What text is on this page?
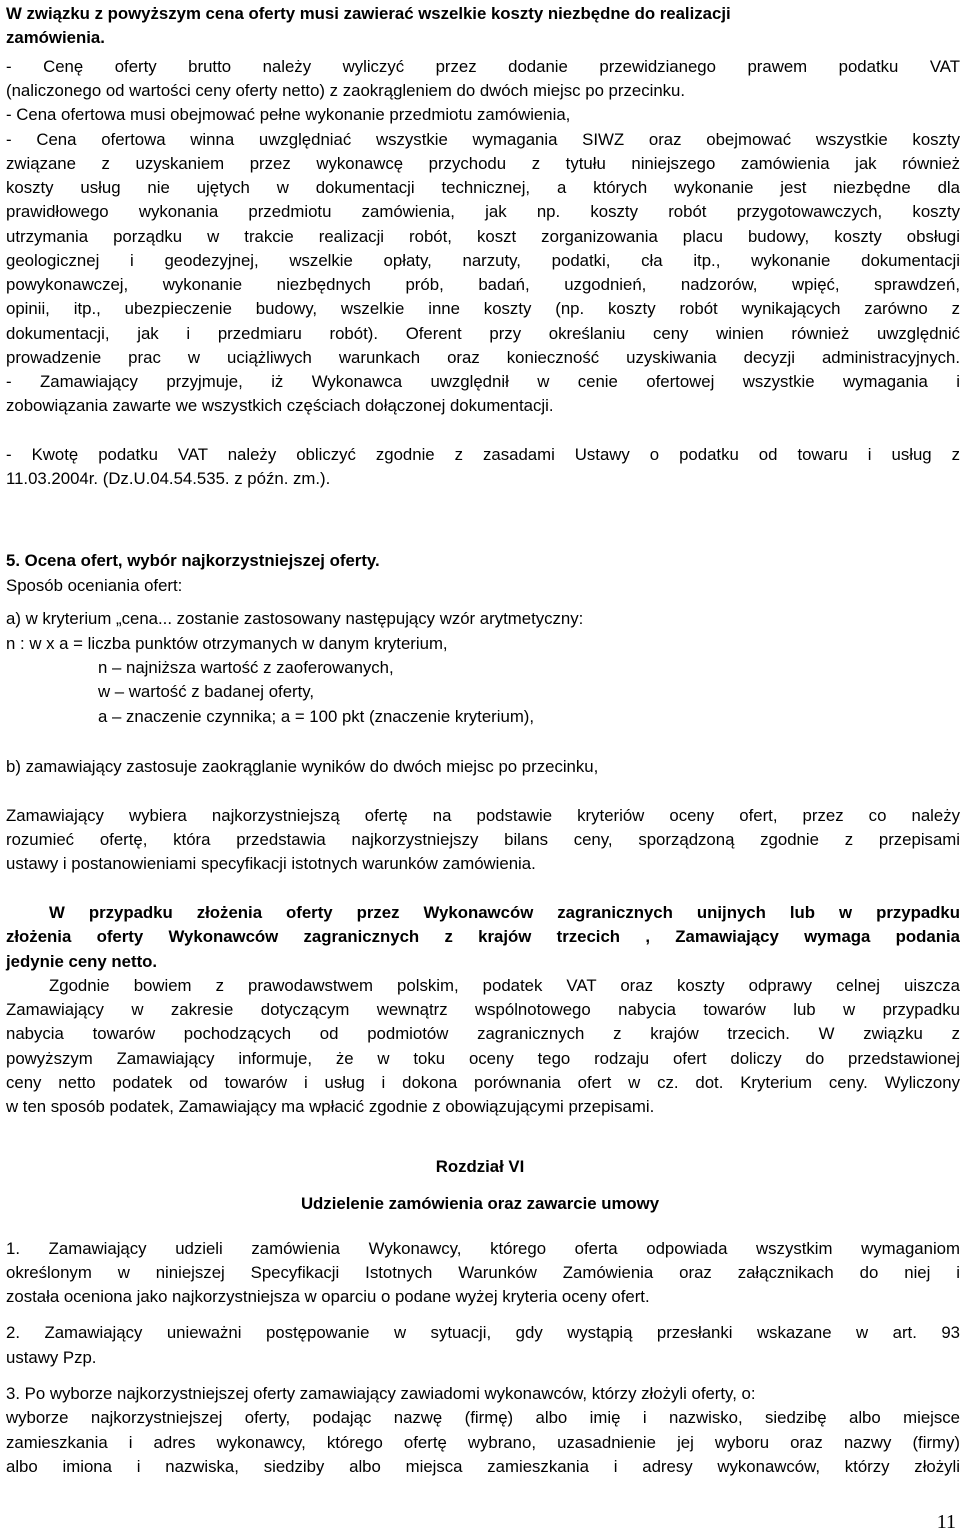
W związku z powyższym cena oferty musi zawierać wszelkie koszty niezbędne do realizacji
zamówienia.
- Cenę oferty brutto należy wyliczyć przez dodanie przewidzianego prawem podatku VAT
(naliczonego od wartości ceny oferty netto) z zaokrągleniem do dwóch miejsc po przecinku.
- Cena ofertowa musi obejmować pełne wykonanie przedmiotu zamówienia,
- Cena ofertowa winna uwzględniać wszystkie wymagania SIWZ oraz obejmować wszystkie koszty
związane z uzyskaniem przez wykonawcę przychodu z tytułu niniejszego zamówienia jak również
koszty usług nie ujętych w dokumentacji technicznej, a których wykonanie jest niezbędne dla
prawidłowego wykonania przedmiotu zamówienia, jak np. koszty robót przygotowawczych, koszty
utrzymania porządku w trakcie realizacji robót, koszt zorganizowania placu budowy, koszty obsługi
geologicznej i geodezyjnej, wszelkie opłaty, narzuty, podatki, cła itp., wykonanie dokumentacji
powykonawczej, wykonanie niezbędnych prób, badań, uzgodnień, nadzorów, wpięć, sprawdzeń,
opinii, itp., ubezpieczenie budowy, wszelkie inne koszty (np. koszty robót wynikających zarówno z
dokumentacji, jak i przedmiaru robót). Oferent przy określaniu ceny winien również uwzględnić
prowadzenie prac w uciążliwych warunkach oraz konieczność uzyskiwania decyzji administracyjnych.
- Zamawiający przyjmuje, iż Wykonawca uwzględnił w cenie ofertowej wszystkie wymagania i
zobowiązania zawarte we wszystkich częściach dołączonej dokumentacji.
- Kwotę podatku VAT należy obliczyć zgodnie z zasadami Ustawy o podatku od towaru i usług z
11.03.2004r. (Dz.U.04.54.535. z późn. zm.).
5. Ocena ofert, wybór najkorzystniejszej oferty.
Sposób oceniania ofert:
a) w kryterium „cena... zostanie zastosowany następujący wzór arytmetyczny:
n : w x a = liczba punktów otrzymanych w danym kryterium,
n – najniższa wartość z zaoferowanych,
w – wartość z badanej oferty,
a – znaczenie czynnika; a = 100 pkt (znaczenie kryterium),
b) zamawiający zastosuje zaokrąglanie wyników do dwóch miejsc po przecinku,
Zamawiający wybiera najkorzystniejszą ofertę na podstawie kryteriów oceny ofert, przez co należy
rozumieć ofertę, która przedstawia najkorzystniejszy bilans ceny, sporządzoną zgodnie z przepisami
ustawy i postanowieniami specyfikacji istotnych warunków zamówienia.
W przypadku złożenia oferty przez Wykonawców zagranicznych unijnych lub w przypadku
złożenia oferty Wykonawców zagranicznych z krajów trzecich , Zamawiający wymaga podania
jedynie ceny netto.
Zgodnie bowiem z prawodawstwem polskim, podatek VAT oraz koszty odprawy celnej uiszcza
Zamawiający w zakresie dotyczącym wewnątrz wspólnotowego nabycia towarów lub w przypadku
nabycia towarów pochodzących od podmiotów zagranicznych z krajów trzecich. W związku z
powyższym Zamawiający informuje, że w toku oceny tego rodzaju ofert doliczy do przedstawionej
ceny netto podatek od towarów i usług i dokona porównania ofert w cz. dot. Kryterium ceny. Wyliczony
w ten sposób podatek, Zamawiający ma wpłacić zgodnie z obowiązującymi przepisami.
Rozdział VI
Udzielenie zamówienia oraz zawarcie umowy
1. Zamawiający udzieli zamówienia Wykonawcy, którego oferta odpowiada wszystkim wymaganiom
określonym w niniejszej Specyfikacji Istotnych Warunków Zamówienia oraz załącznikach do niej i
została oceniona jako najkorzystniejsza w oparciu o podane wyżej kryteria oceny ofert.
2. Zamawiający unieważni postępowanie w sytuacji, gdy wystąpią przesłanki wskazane w art. 93
ustawy Pzp.
3. Po wyborze najkorzystniejszej oferty zamawiający zawiadomi wykonawców, którzy złożyli oferty, o:
wyborze najkorzystniejszej oferty, podając nazwę (firmę) albo imię i nazwisko, siedzibę albo miejsce
zamieszkania i adres wykonawcy, którego ofertę wybrano, uzasadnienie jej wyboru oraz nazwy (firmy)
albo imiona i nazwiska, siedziby albo miejsca zamieszkania i adresy wykonawców, którzy złożyli
11
